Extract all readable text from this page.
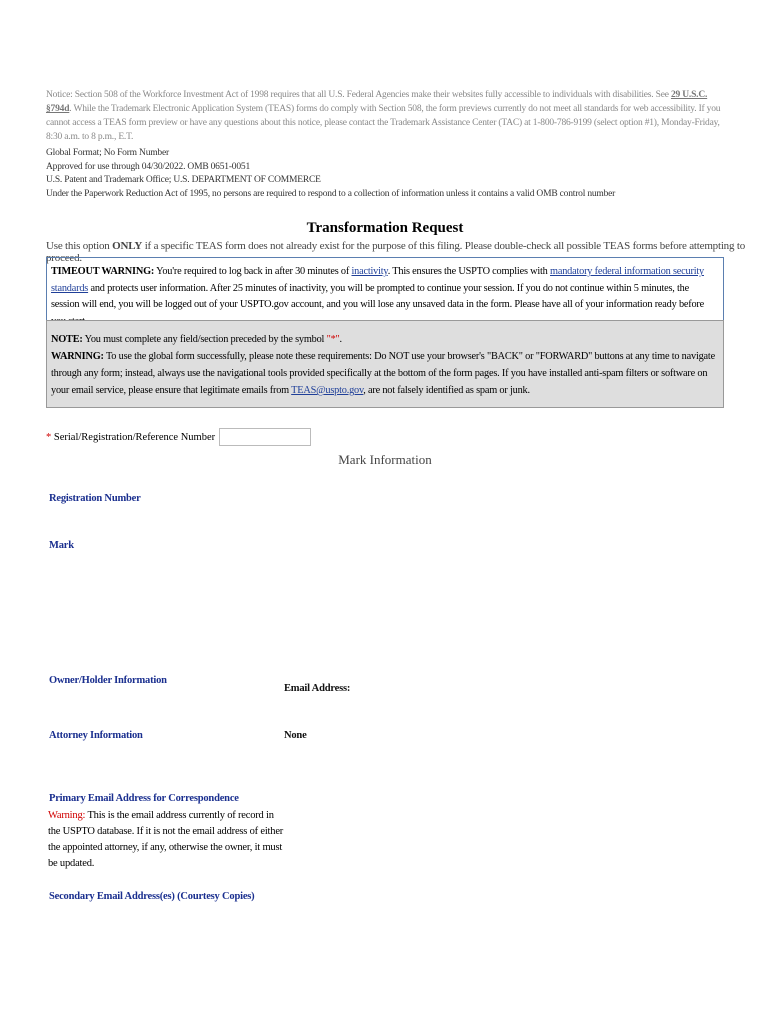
Notice: Section 508 of the Workforce Investment Act of 1998 requires that all U.S. Federal Agencies make their websites fully accessible to individuals with disabilities. See 29 U.S.C. §794d. While the Trademark Electronic Application System (TEAS) forms do comply with Section 508, the form previews currently do not meet all standards for web accessibility. If you cannot access a TEAS form preview or have any questions about this notice, please contact the Trademark Assistance Center (TAC) at 1-800-786-9199 (select option #1), Monday-Friday, 8:30 a.m. to 8 p.m., E.T.
Global Format; No Form Number
Approved for use through 04/30/2022. OMB 0651-0051
U.S. Patent and Trademark Office; U.S. DEPARTMENT OF COMMERCE
Under the Paperwork Reduction Act of 1995, no persons are required to respond to a collection of information unless it contains a valid OMB control number
Transformation Request
Use this option ONLY if a specific TEAS form does not already exist for the purpose of this filing. Please double-check all possible TEAS forms before attempting to proceed.
TIMEOUT WARNING: You're required to log back in after 30 minutes of inactivity. This ensures the USPTO complies with mandatory federal information security standards and protects user information. After 25 minutes of inactivity, you will be prompted to continue your session. If you do not continue within 5 minutes, the session will end, you will be logged out of your USPTO.gov account, and you will lose any unsaved data in the form. Please have all of your information ready before
NOTE: You must complete any field/section preceded by the symbol "*".
WARNING: To use the global form successfully, please note these requirements: Do NOT use your browser's "BACK" or "FORWARD" buttons at any time to navigate through any form; instead, always use the navigational tools provided specifically at the bottom of the form pages. If you have installed anti-spam filters or software on your email service, please ensure that legitimate emails from TEAS@uspto.gov, are not falsely identified as spam or junk.
*
Serial/Registration/Reference Number
Mark Information
Registration Number
Mark
Owner/Holder Information
Email Address:
Attorney Information	None
Primary Email Address for Correspondence
Warning: This is the email address currently of record in the USPTO database. If it is not the email address of either the appointed attorney, if any, otherwise the owner, it must be updated.
Secondary Email Address(es) (Courtesy Copies)
